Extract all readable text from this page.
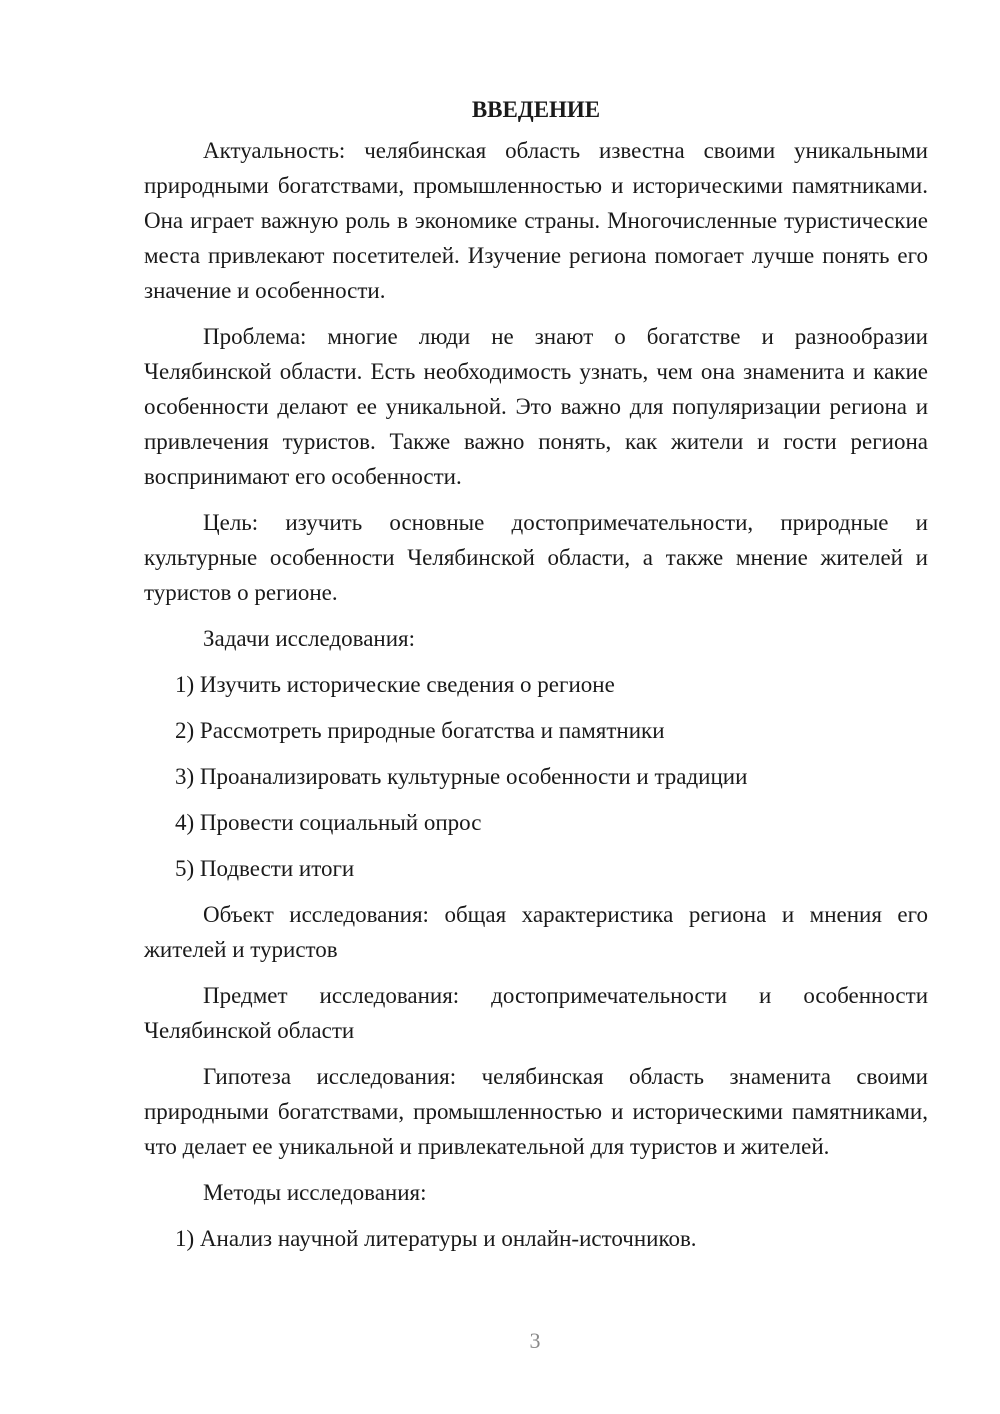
ВВЕДЕНИЕ

Актуальность: челябинская область известна своими уникальными природными богатствами, промышленностью и историческими памятниками. Она играет важную роль в экономике страны. Многочисленные туристические места привлекают посетителей. Изучение региона помогает лучше понять его значение и особенности.

Проблема: многие люди не знают о богатстве и разнообразии Челябинской области. Есть необходимость узнать, чем она знаменита и какие особенности делают ее уникальной. Это важно для популяризации региона и привлечения туристов. Также важно понять, как жители и гости региона воспринимают его особенности.

Цель: изучить основные достопримечательности, природные и культурные особенности Челябинской области, а также мнение жителей и туристов о регионе.

Задачи исследования:

1) Изучить исторические сведения о регионе
2) Рассмотреть природные богатства и памятники
3) Проанализировать культурные особенности и традиции
4) Провести социальный опрос
5) Подвести итоги

Объект исследования: общая характеристика региона и мнения его жителей и туристов

Предмет исследования: достопримечательности и особенности Челябинской области

Гипотеза исследования: челябинская область знаменита своими природными богатствами, промышленностью и историческими памятниками, что делает ее уникальной и привлекательной для туристов и жителей.

Методы исследования:

1) Анализ научной литературы и онлайн-источников.
3
